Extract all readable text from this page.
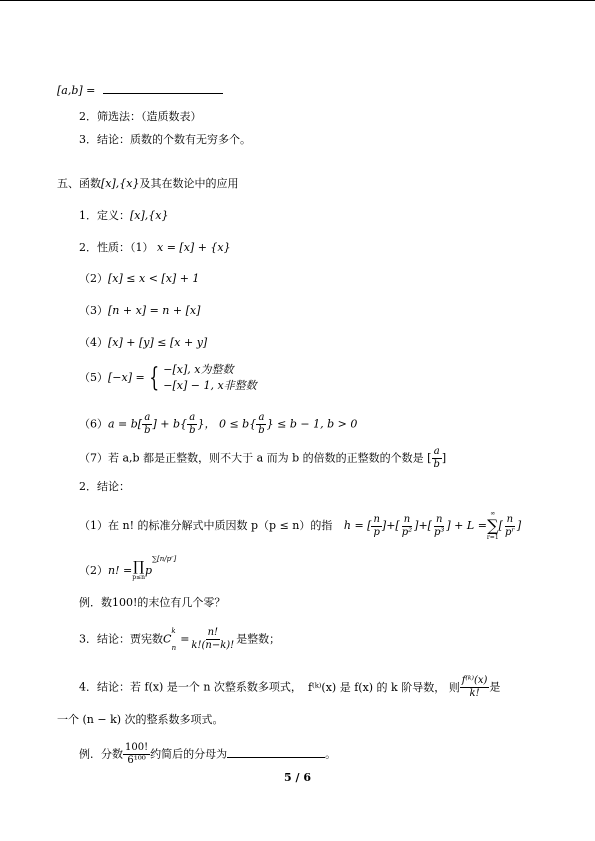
[a,b] =
2．筛选法：（造质数表）
3．结论：质数的个数有无穷多个。
五、函数[x],{x}及其在数论中的应用
1．定义：[x],{x}
2．性质：（1） x = [x] + {x}
（2）[x] ≤ x < [x] + 1
（3）[n + x] = n + [x]
（4）[x] + [y] ≤ [x + y]
（5）[−x] = { −[x], x为整数
−[x] − 1, x非整数
$(6)a = b[ \frac{a}{b}$ ] + $b\{ \frac{a}{b}$ }， $0 \le b\{ \frac{a}{b}$ } ≤ b − 1, b > 0
（7）若 a,b 都是正整数，则不大于 a 而为 b 的倍数的正整数的个数是 [ $\frac{a}{b}$ ]
2．结论：
（1）在 n! 的标准分解式中质因数 p（p ≤ n）的指 h = [ $\frac{n}{p}$ ]+[ $\frac{n}{\text{p²}}$ ]+[ $\frac{n}{\text{p³}}$ ] + L =
∞
∑
r=1
[ $\frac{n}{\text{pʳ}}$ ]
（2）n! = ∏
p≤n
$p^{\sum[n/pʳ]}$
例．数100!的末位有几个零？
3．结论：贾宪数$C^k_n= \frac{n!}{k!(n-k)!}$ 是整数；
4．结论：若 f(x) 是一个 n 次整系数多项式， f⁽ᵏ⁾(x) 是 f(x) 的 k 阶导数， 则 $\frac{\text{f⁽ᵏ⁾(x)}}{k!}$ 是
一个 (n − k) 次的整系数多项式。
例．分数 $\frac{100!}{\text{6¹⁰⁰}}$ 约简后的分母为	。
5 / 6
